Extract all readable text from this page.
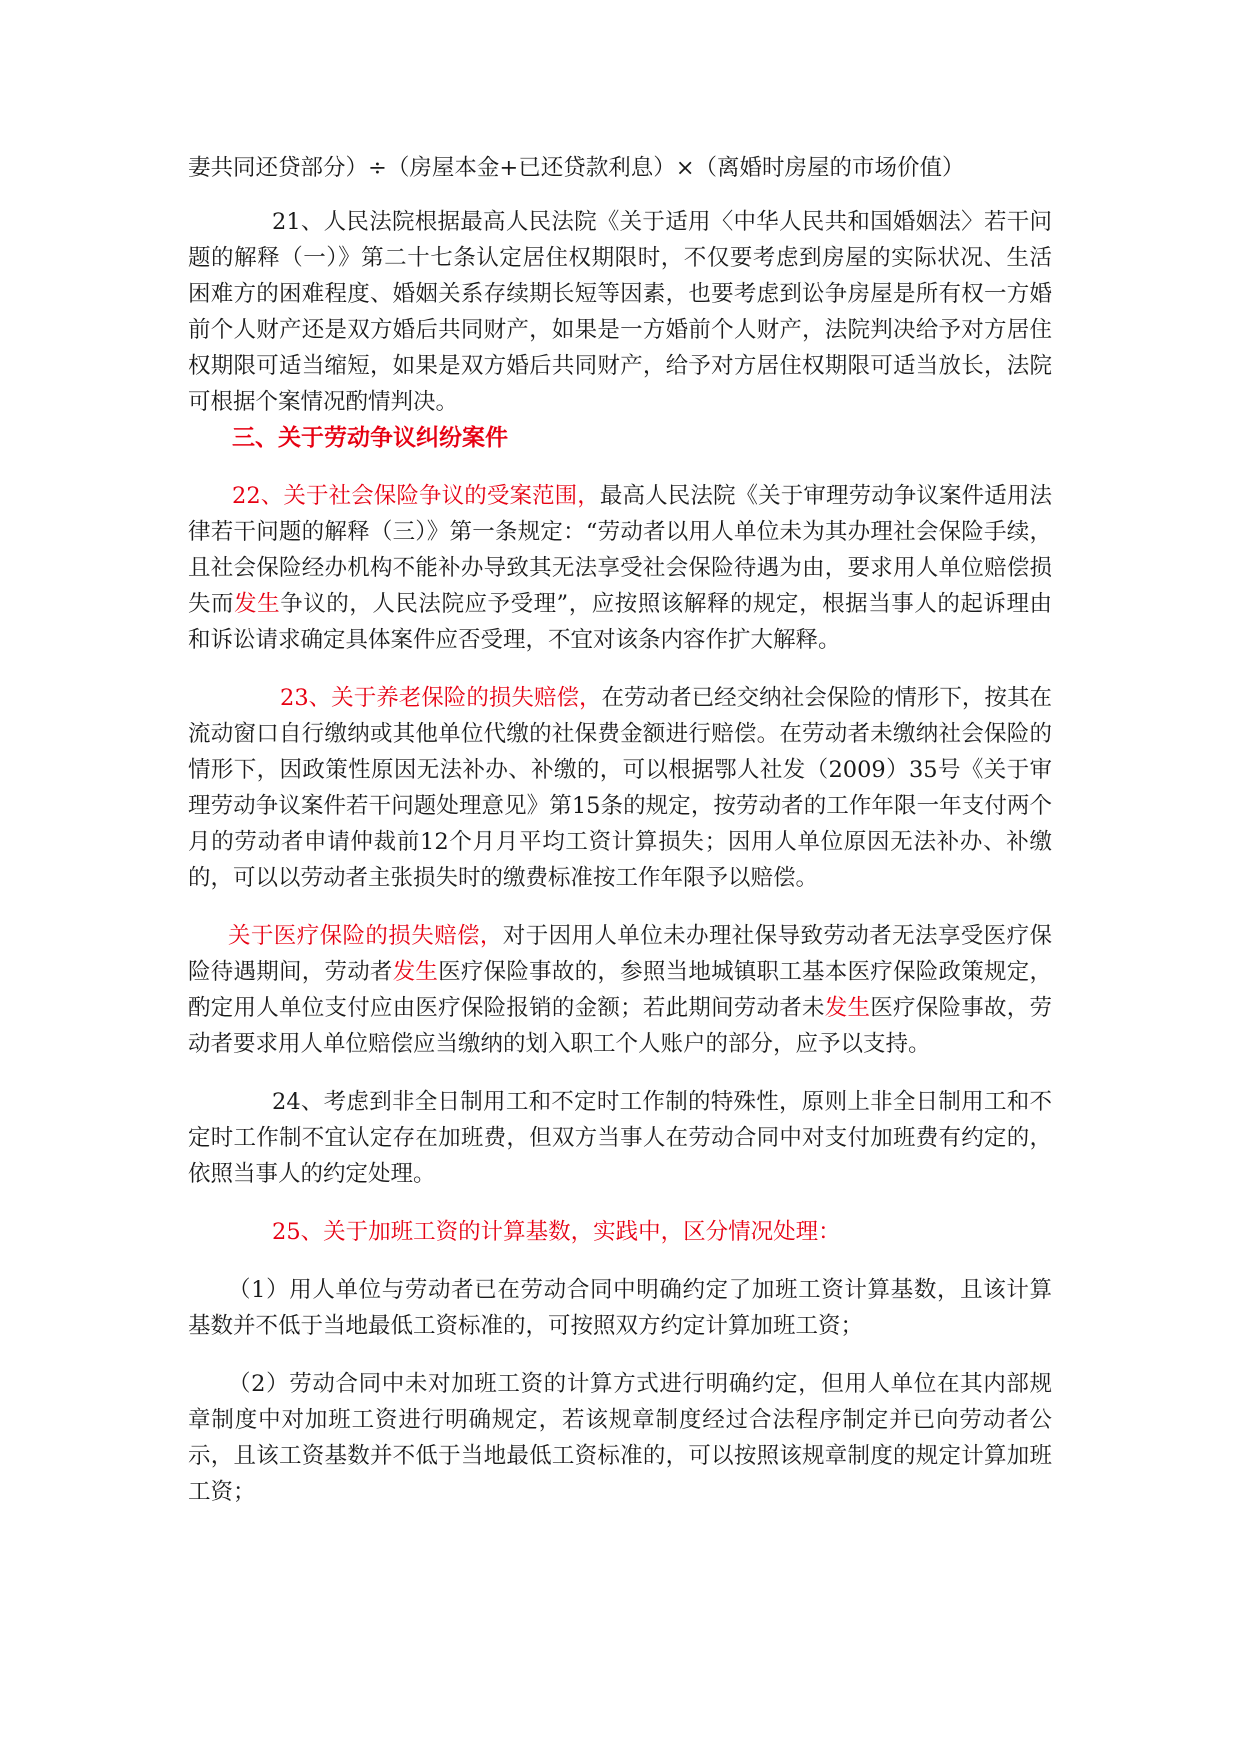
妻共同还贷部分）÷（房屋本金+已还贷款利息）×（离婚时房屋的市场价值）

21、人民法院根据最高人民法院《关于适用〈中华人民共和国婚姻法〉若干问题的解释（一）》第二十七条认定居住权期限时，不仅要考虑到房屋的实际状况、生活困难方的困难程度、婚姻关系存续期长短等因素，也要考虑到讼争房屋是所有权一方婚前个人财产还是双方婚后共同财产，如果是一方婚前个人财产，法院判决给予对方居住权期限可适当缩短，如果是双方婚后共同财产，给予对方居住权期限可适当放长，法院可根据个案情况酌情判决。

三、关于劳动争议纠纷案件

22、关于社会保险争议的受案范围，最高人民法院《关于审理劳动争议案件适用法律若干问题的解释（三）》第一条规定：“劳动者以用人单位未为其办理社会保险手续，且社会保险经办机构不能补办导致其无法享受社会保险待遇为由，要求用人单位赔偿损失而发生争议的，人民法院应予受理”，应按照该解释的规定，根据当事人的起诉理由和诉讼请求确定具体案件应否受理，不宜对该条内容作扩大解释。

23、关于养老保险的损失赔偿，在劳动者已经交纳社会保险的情形下，按其在流动窗口自行缴纳或其他单位代缴的社保费金额进行赔偿。在劳动者未缴纳社会保险的情形下，因政策性原因无法补办、补缴的，可以根据鄂人社发（2009）35号《关于审理劳动争议案件若干问题处理意见》第15条的规定，按劳动者的工作年限一年支付两个月的劳动者申请仲裁前12个月月平均工资计算损失；因用人单位原因无法补办、补缴的，可以以劳动者主张损失时的缴费标准按工作年限予以赔偿。

关于医疗保险的损失赔偿，对于因用人单位未办理社保导致劳动者无法享受医疗保险待遇期间，劳动者发生医疗保险事故的，参照当地城镇职工基本医疗保险政策规定，酌定用人单位支付应由医疗保险报销的金额；若此期间劳动者未发生医疗保险事故，劳动者要求用人单位赔偿应当缴纳的划入职工个人账户的部分，应予以支持。

24、考虑到非全日制用工和不定时工作制的特殊性，原则上非全日制用工和不定时工作制不宜认定存在加班费，但双方当事人在劳动合同中对支付加班费有约定的，依照当事人的约定处理。

25、关于加班工资的计算基数，实践中，区分情况处理：

（1）用人单位与劳动者已在劳动合同中明确约定了加班工资计算基数，且该计算基数并不低于当地最低工资标准的，可按照双方约定计算加班工资；

（2）劳动合同中未对加班工资的计算方式进行明确约定，但用人单位在其内部规章制度中对加班工资进行明确规定，若该规章制度经过合法程序制定并已向劳动者公示，且该工资基数并不低于当地最低工资标准的，可以按照该规章制度的规定计算加班工资；
